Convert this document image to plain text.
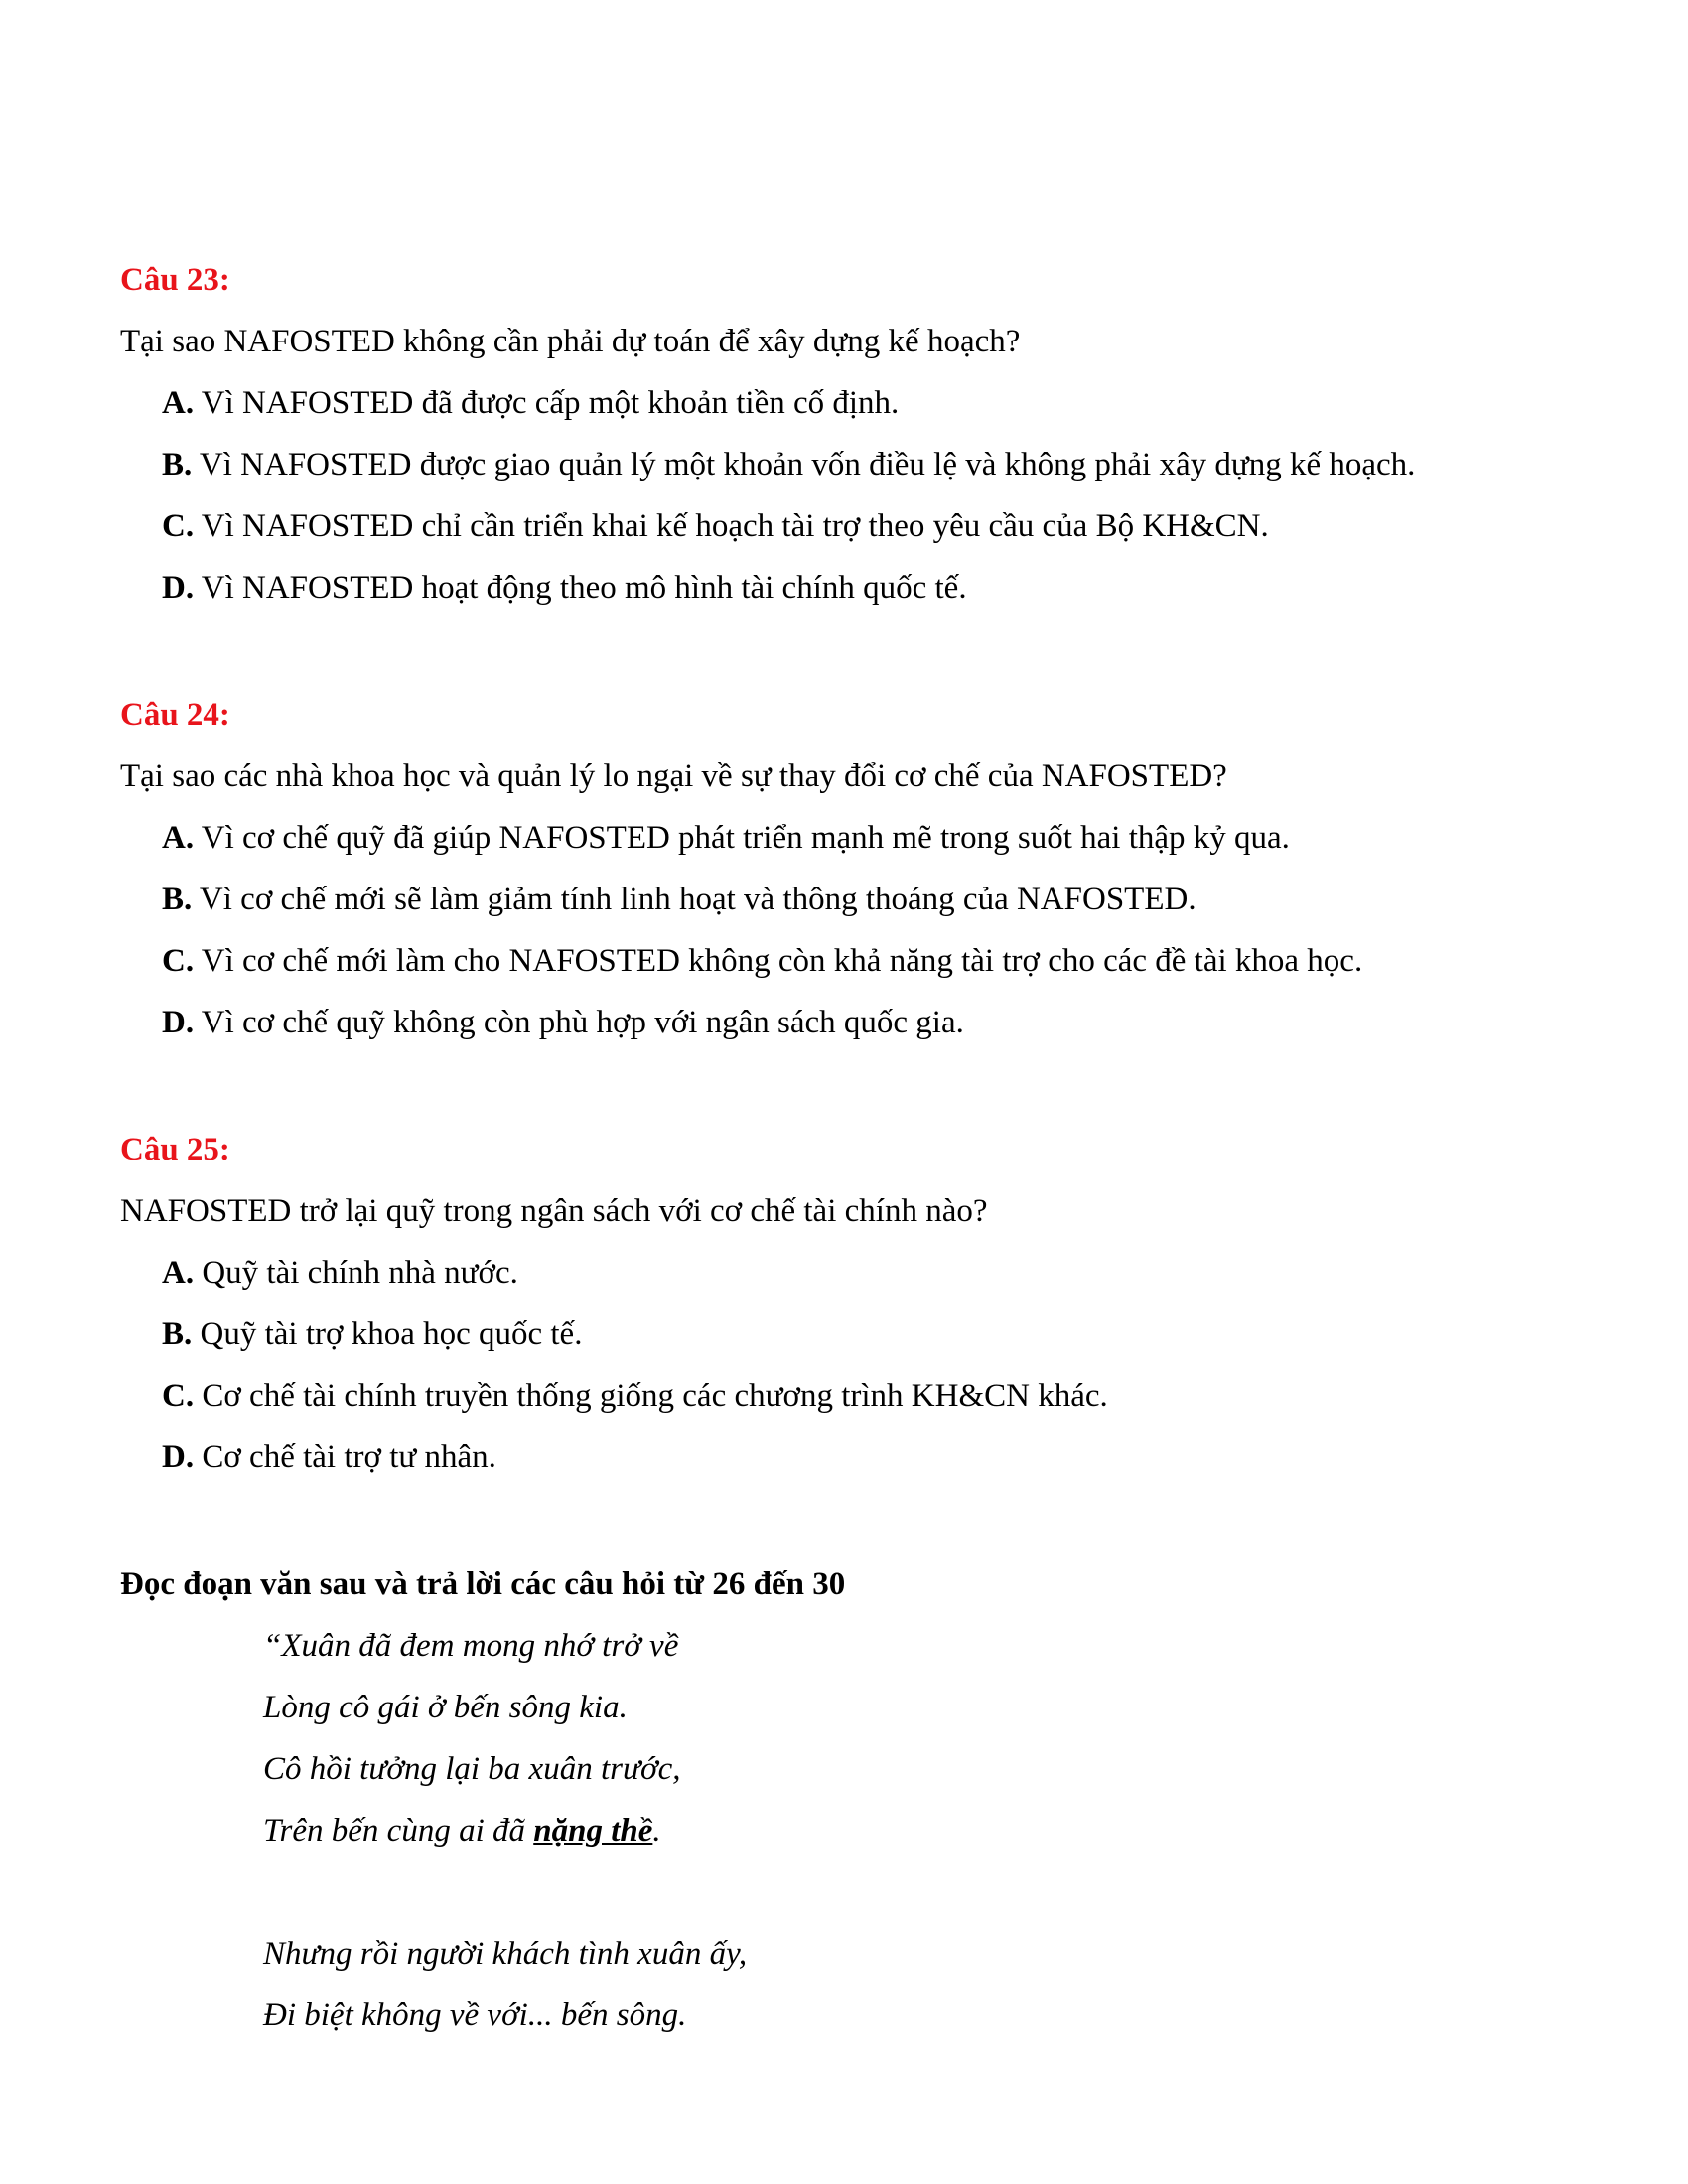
Câu 23:
Tại sao NAFOSTED không cần phải dự toán để xây dựng kế hoạch?
A. Vì NAFOSTED đã được cấp một khoản tiền cố định.
B. Vì NAFOSTED được giao quản lý một khoản vốn điều lệ và không phải xây dựng kế hoạch.
C. Vì NAFOSTED chỉ cần triển khai kế hoạch tài trợ theo yêu cầu của Bộ KH&CN.
D. Vì NAFOSTED hoạt động theo mô hình tài chính quốc tế.
Câu 24:
Tại sao các nhà khoa học và quản lý lo ngại về sự thay đổi cơ chế của NAFOSTED?
A. Vì cơ chế quỹ đã giúp NAFOSTED phát triển mạnh mẽ trong suốt hai thập kỷ qua.
B. Vì cơ chế mới sẽ làm giảm tính linh hoạt và thông thoáng của NAFOSTED.
C. Vì cơ chế mới làm cho NAFOSTED không còn khả năng tài trợ cho các đề tài khoa học.
D. Vì cơ chế quỹ không còn phù hợp với ngân sách quốc gia.
Câu 25:
NAFOSTED trở lại quỹ trong ngân sách với cơ chế tài chính nào?
A. Quỹ tài chính nhà nước.
B. Quỹ tài trợ khoa học quốc tế.
C. Cơ chế tài chính truyền thống giống các chương trình KH&CN khác.
D. Cơ chế tài trợ tư nhân.
Đọc đoạn văn sau và trả lời các câu hỏi từ 26 đến 30
“Xuân đã đem mong nhớ trở về
Lòng cô gái ở bến sông kia.
Cô hồi tưởng lại ba xuân trước,
Trên bến cùng ai đã nặng thề.
Nhưng rồi người khách tình xuân ấy,
Đi biệt không về với... bến sông.
